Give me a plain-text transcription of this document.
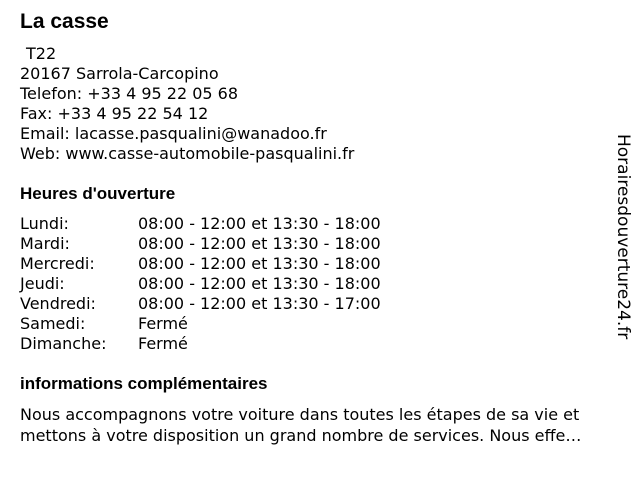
La casse
T22
20167 Sarrola-Carcopino
Telefon: +33 4 95 22 05 68
Fax: +33 4 95 22 54 12
Email: lacasse.pasqualini@wanadoo.fr
Web: www.casse-automobile-pasqualini.fr
Heures d'ouverture
Lundi:	08:00 - 12:00 et 13:30 - 18:00
Mardi:	08:00 - 12:00 et 13:30 - 18:00
Mercredi:	08:00 - 12:00 et 13:30 - 18:00
Jeudi:	08:00 - 12:00 et 13:30 - 18:00
Vendredi:	08:00 - 12:00 et 13:30 - 17:00
Samedi:	Fermé
Dimanche:	Fermé
informations complémentaires
Nous accompagnons votre voiture dans toutes les étapes de sa vie et
mettons à votre disposition un grand nombre de services. Nous effe…
Horairesdouverture24.fr
